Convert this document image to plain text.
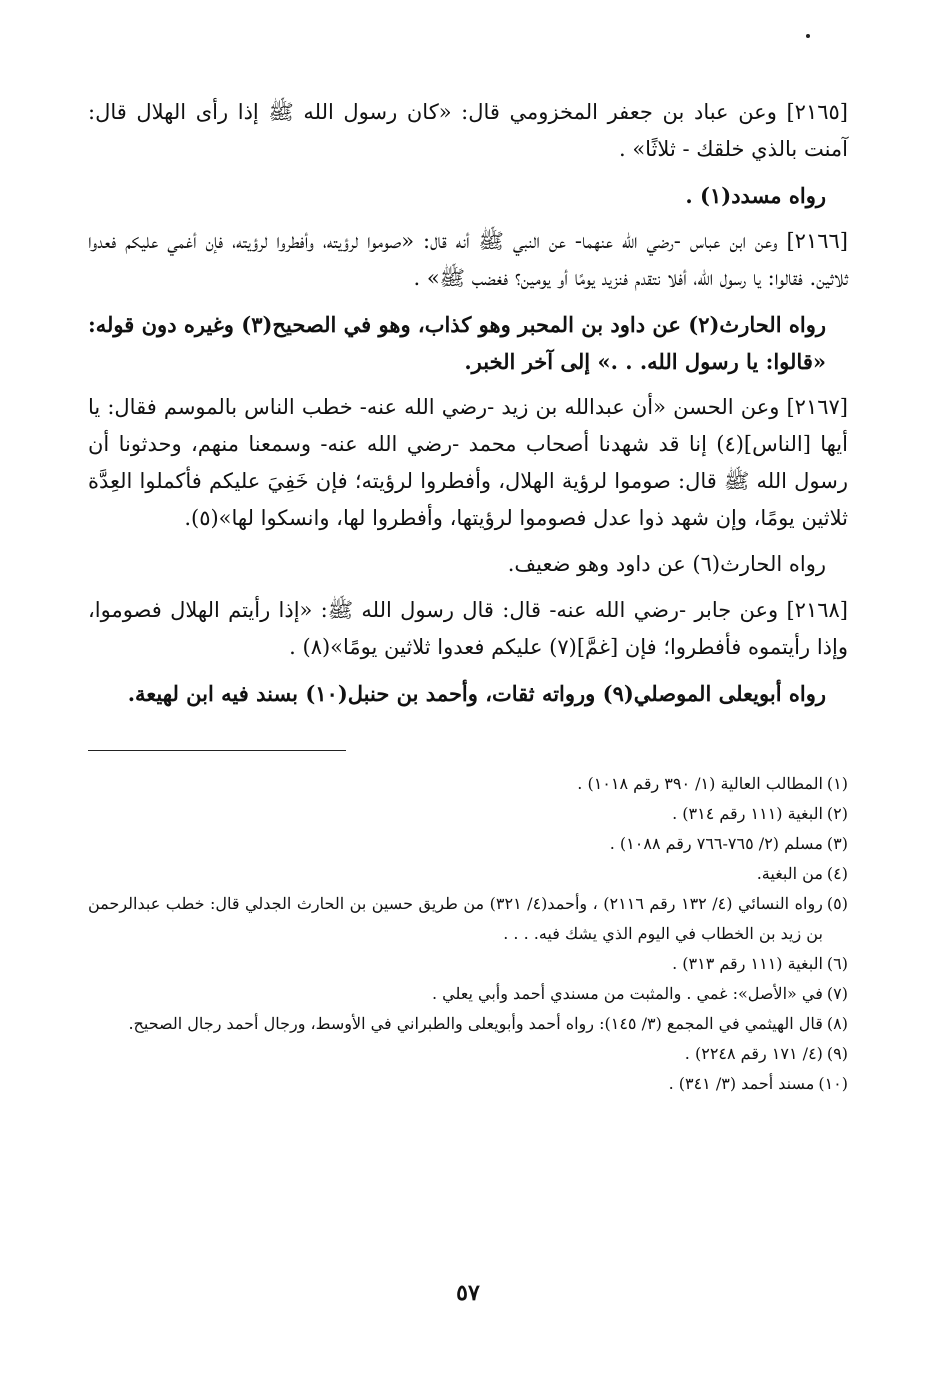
[٢١٦٥] وعن عباد بن جعفر المخزومي قال: «كان رسول الله ﷺ إذا رأى الهلال قال: آمنت بالذي خلقك - ثلاثًا» .

رواه مسدد(١) .

[٢١٦٦] وعن ابن عباس -رضي الله عنهما- عن النبي ﷺ أنه قال: «صوموا لرؤيته، وأفطروا لرؤيته، فإن أغمي عليكم فعدوا ثلاثين. فقالوا: يا رسول الله، أفلا نتقدم فنزيد يومًا أو يومين؟ فغضب ﷺ» .

رواه الحارث(٢) عن داود بن المحبر وهو كذاب، وهو في الصحيح(٣) وغيره دون قوله: «قالوا: يا رسول الله. . .» إلى آخر الخبر.

[٢١٦٧] وعن الحسن «أن عبدالله بن زيد -رضي الله عنه- خطب الناس بالموسم فقال: يا أيها [الناس](٤) إنا قد شهدنا أصحاب محمد -رضي الله عنه- وسمعنا منهم، وحدثونا أن رسول الله ﷺ قال: صوموا لرؤية الهلال، وأفطروا لرؤيته؛ فإن خَفِيَ عليكم فأكملوا العِدَّة ثلاثين يومًا، وإن شهد ذوا عدل فصوموا لرؤيتها، وأفطروا لها، وانسكوا لها»(٥).

رواه الحارث(٦) عن داود وهو ضعيف.

[٢١٦٨] وعن جابر -رضي الله عنه- قال: قال رسول الله ﷺ: «إذا رأيتم الهلال فصوموا، وإذا رأيتموه فأفطروا؛ فإن [غمَّ](٧) عليكم فعدوا ثلاثين يومًا»(٨) .

رواه أبويعلى الموصلي(٩) ورواته ثقات، وأحمد بن حنبل(١٠) بسند فيه ابن لهيعة.

(١)
المطالب العالية (١/ ٣٩٠ رقم ١٠١٨) .
(٢)
البغية (١١١ رقم ٣١٤) .
(٣)
مسلم (٢/ ٧٦٥-٧٦٦ رقم ١٠٨٨) .
(٤)
من البغية.
(٥)
رواه النسائي (٤/ ١٣٢ رقم ٢١١٦) ، وأحمد(٤/ ٣٢١) من طريق حسين بن الحارث الجدلي قال: خطب عبدالرحمن بن زيد بن الخطاب في اليوم الذي يشك فيه. . . .
(٦)
البغية (١١١ رقم ٣١٣) .
(٧)
في «الأصل»: غمي . والمثبت من مسندي أحمد وأبي يعلي .
(٨)
قال الهيثمي في المجمع (٣/ ١٤٥): رواه أحمد وأبويعلى والطبراني في الأوسط، ورجال أحمد رجال الصحيح.
(٩)
(٤/ ١٧١ رقم ٢٢٤٨) .
(١٠)
مسند أحمد (٣/ ٣٤١) .
٥٧
